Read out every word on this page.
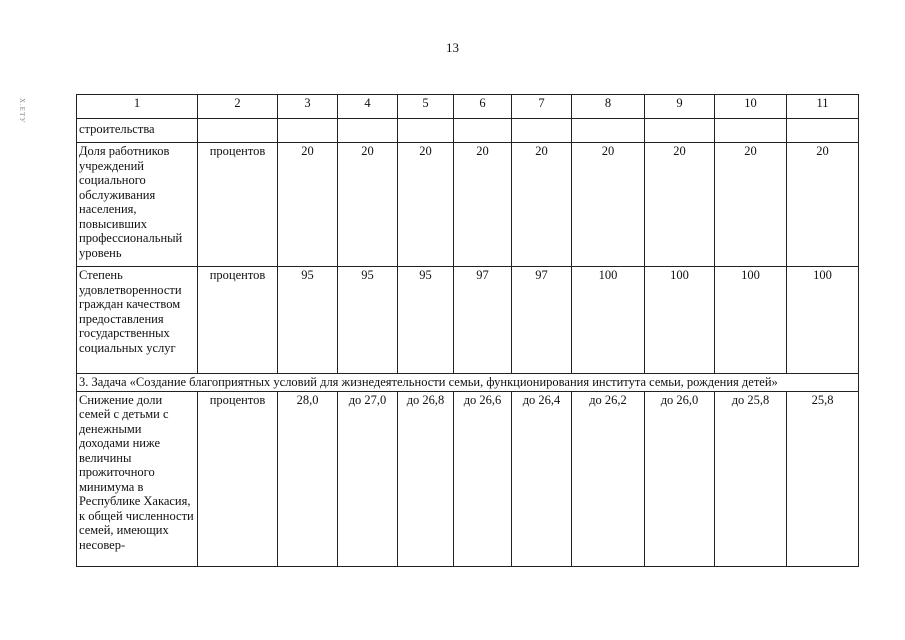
13
Х.ЕТУ	1	2	3	4	5	6	7	8	9	10	11
строительства										
Доля работников учреждений социального обслуживания населения, повысивших профессиональный уровень	процентов	20	20	20	20	20	20	20	20	20
Степень удовлетворенности граждан качеством предоставления государственных социальных услуг	процентов	95	95	95	97	97	100	100	100	100
3. Задача «Создание благоприятных условий для жизнедеятельности семьи, функционирования института семьи, рождения детей»										
Снижение доли семей с детьми с денежными доходами ниже величины прожиточного минимума в Республике Хакасия, к общей численности семей, имеющих несовер-	процентов	28,0	до 27,0	до 26,8	до 26,6	до 26,4	до 26,2	до 26,0	до 25,8	25,8
